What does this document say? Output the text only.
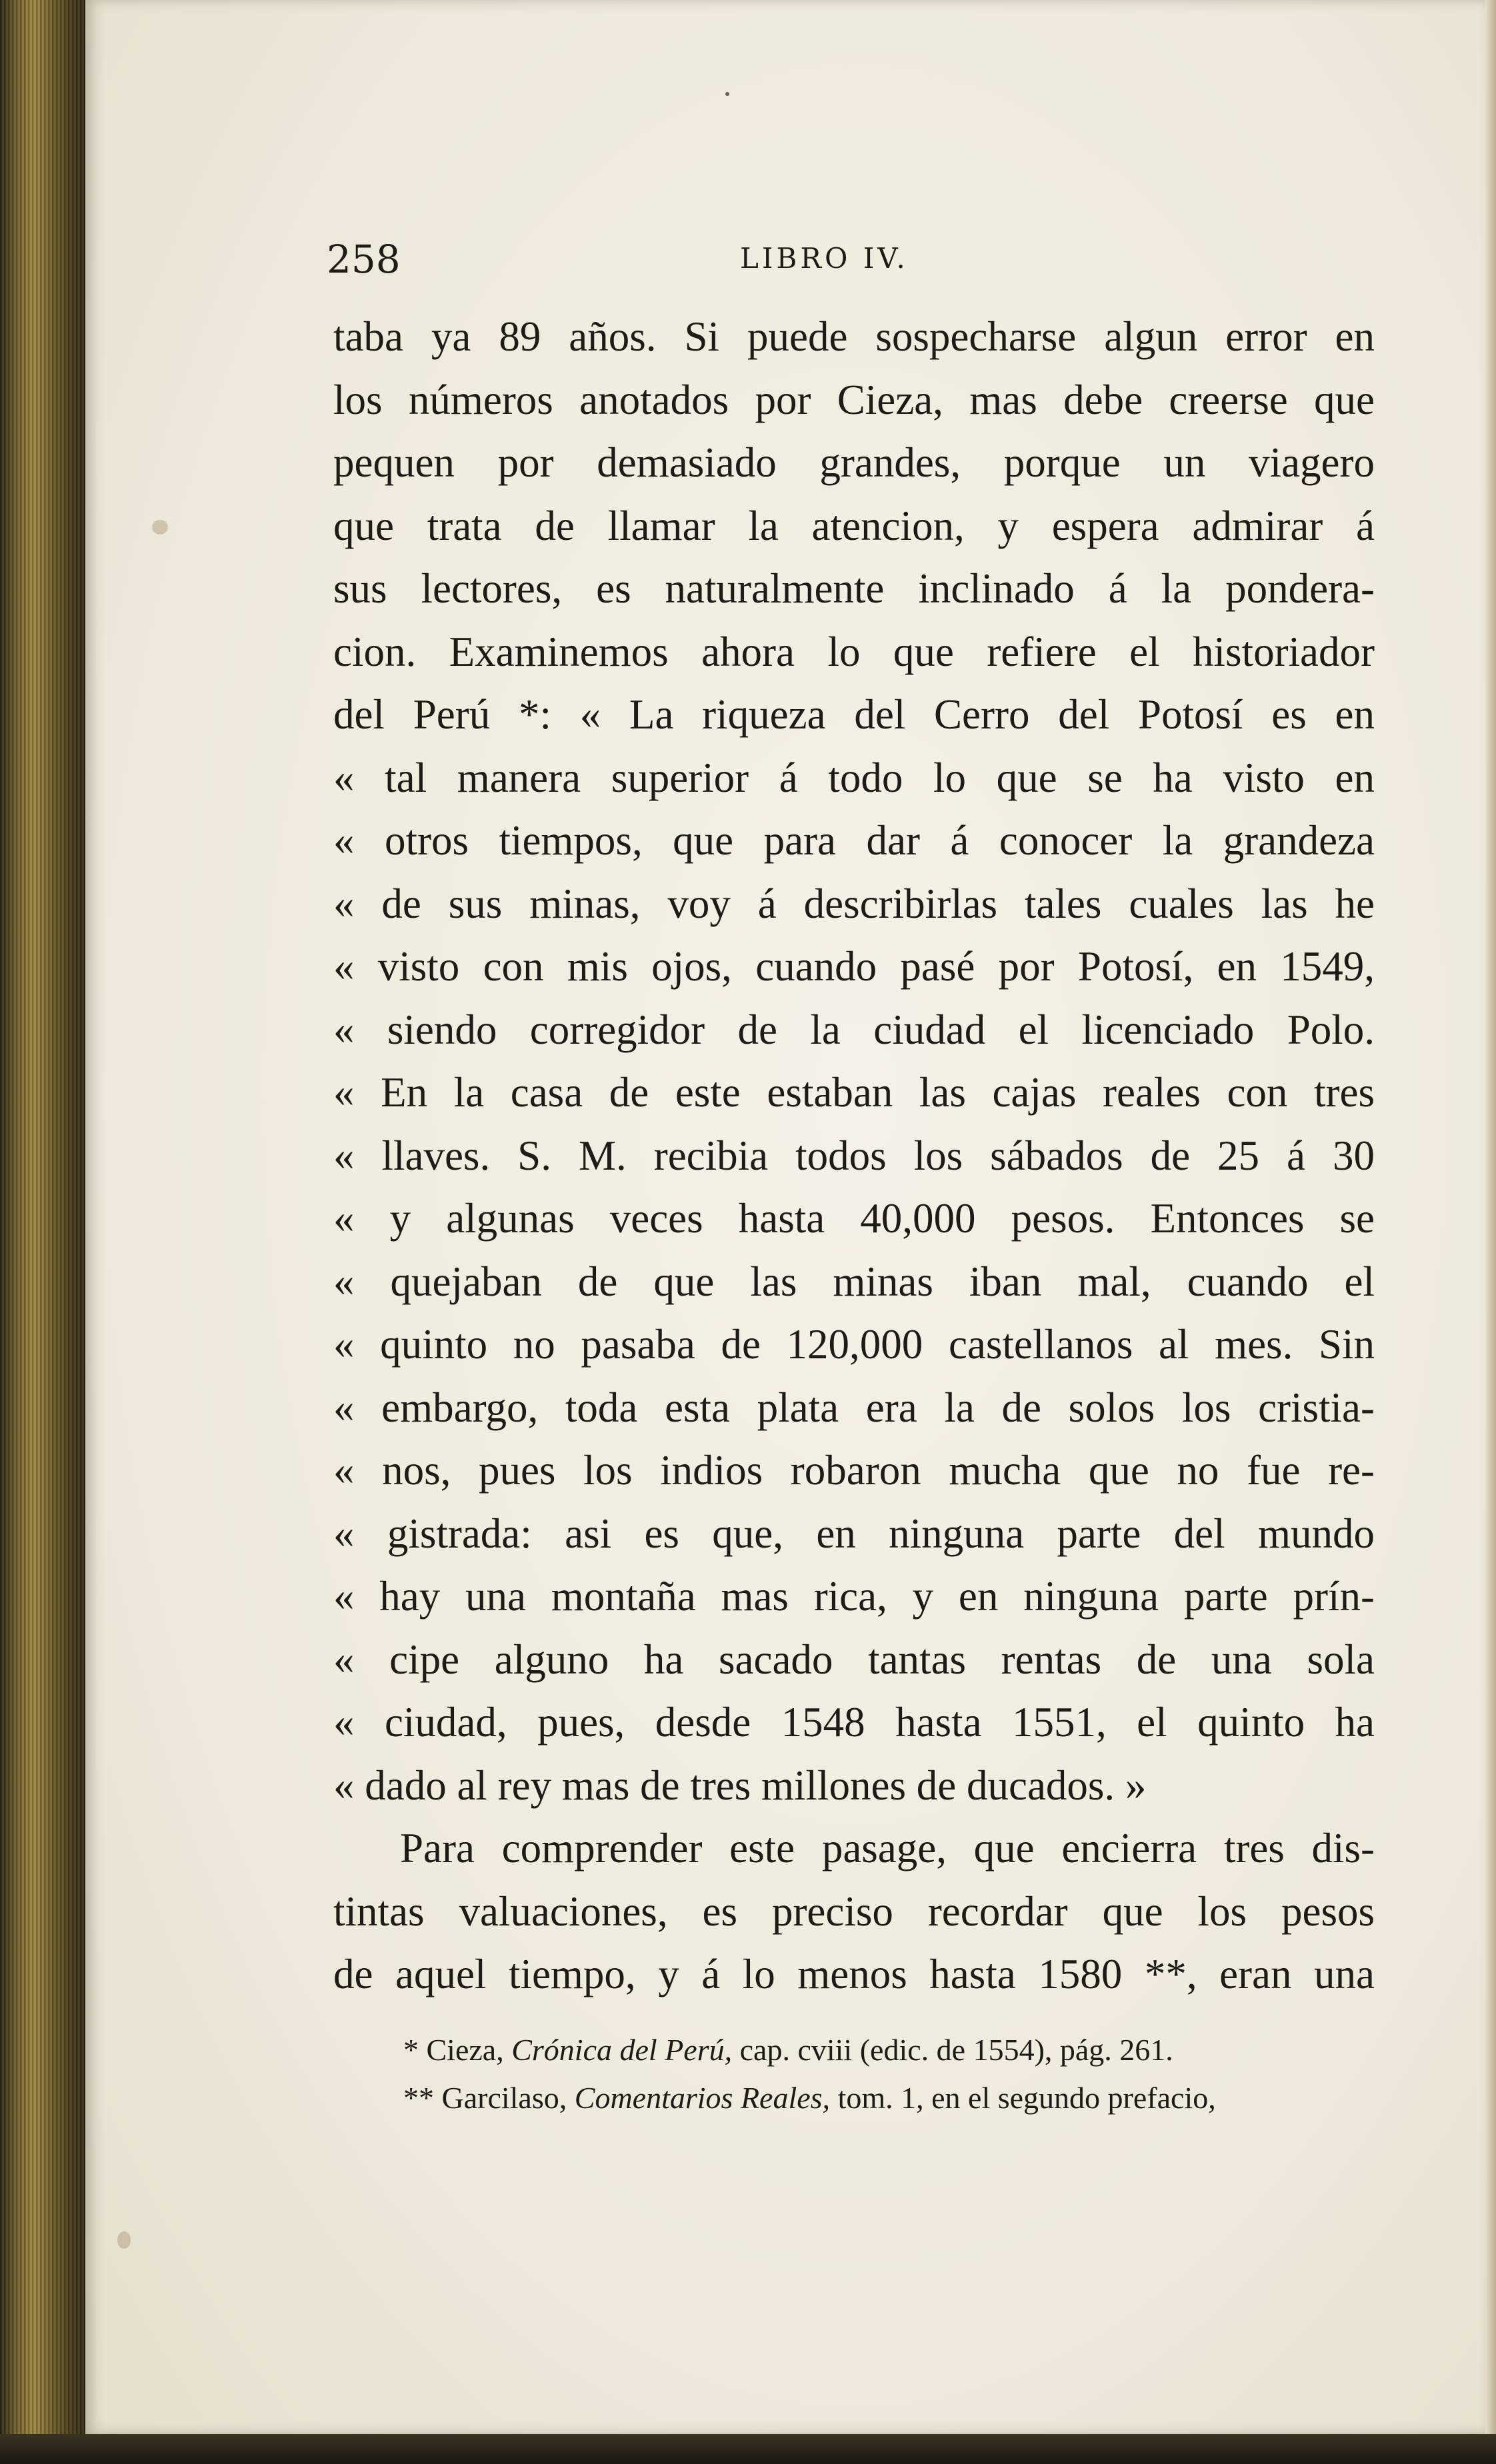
258	LIBRO IV.
taba ya 89 años. Si puede sospecharse algun error en
los números anotados por Cieza, mas debe creerse que
pequen por demasiado grandes, porque un viagero
que trata de llamar la atencion, y espera admirar á
sus lectores, es naturalmente inclinado á la pondera-
cion. Examinemos ahora lo que refiere el historiador
del Perú *: « La riqueza del Cerro del Potosí es en
« tal manera superior á todo lo que se ha visto en
« otros tiempos, que para dar á conocer la grandeza
« de sus minas, voy á describirlas tales cuales las he
« visto con mis ojos, cuando pasé por Potosí, en 1549,
« siendo corregidor de la ciudad el licenciado Polo.
« En la casa de este estaban las cajas reales con tres
« llaves. S. M. recibia todos los sábados de 25 á 30
« y algunas veces hasta 40,000 pesos. Entonces se
« quejaban de que las minas iban mal, cuando el
« quinto no pasaba de 120,000 castellanos al mes. Sin
« embargo, toda esta plata era la de solos los cristia-
« nos, pues los indios robaron mucha que no fue re-
« gistrada: asi es que, en ninguna parte del mundo
« hay una montaña mas rica, y en ninguna parte prín-
« cipe alguno ha sacado tantas rentas de una sola
« ciudad, pues, desde 1548 hasta 1551, el quinto ha
« dado al rey mas de tres millones de ducados. »
Para comprender este pasage, que encierra tres dis-
tintas valuaciones, es preciso recordar que los pesos
de aquel tiempo, y á lo menos hasta 1580 **, eran una
* Cieza, Crónica del Perú, cap. cviii (edic. de 1554), pág. 261.
** Garcilaso, Comentarios Reales, tom. 1, en el segundo prefacio,
